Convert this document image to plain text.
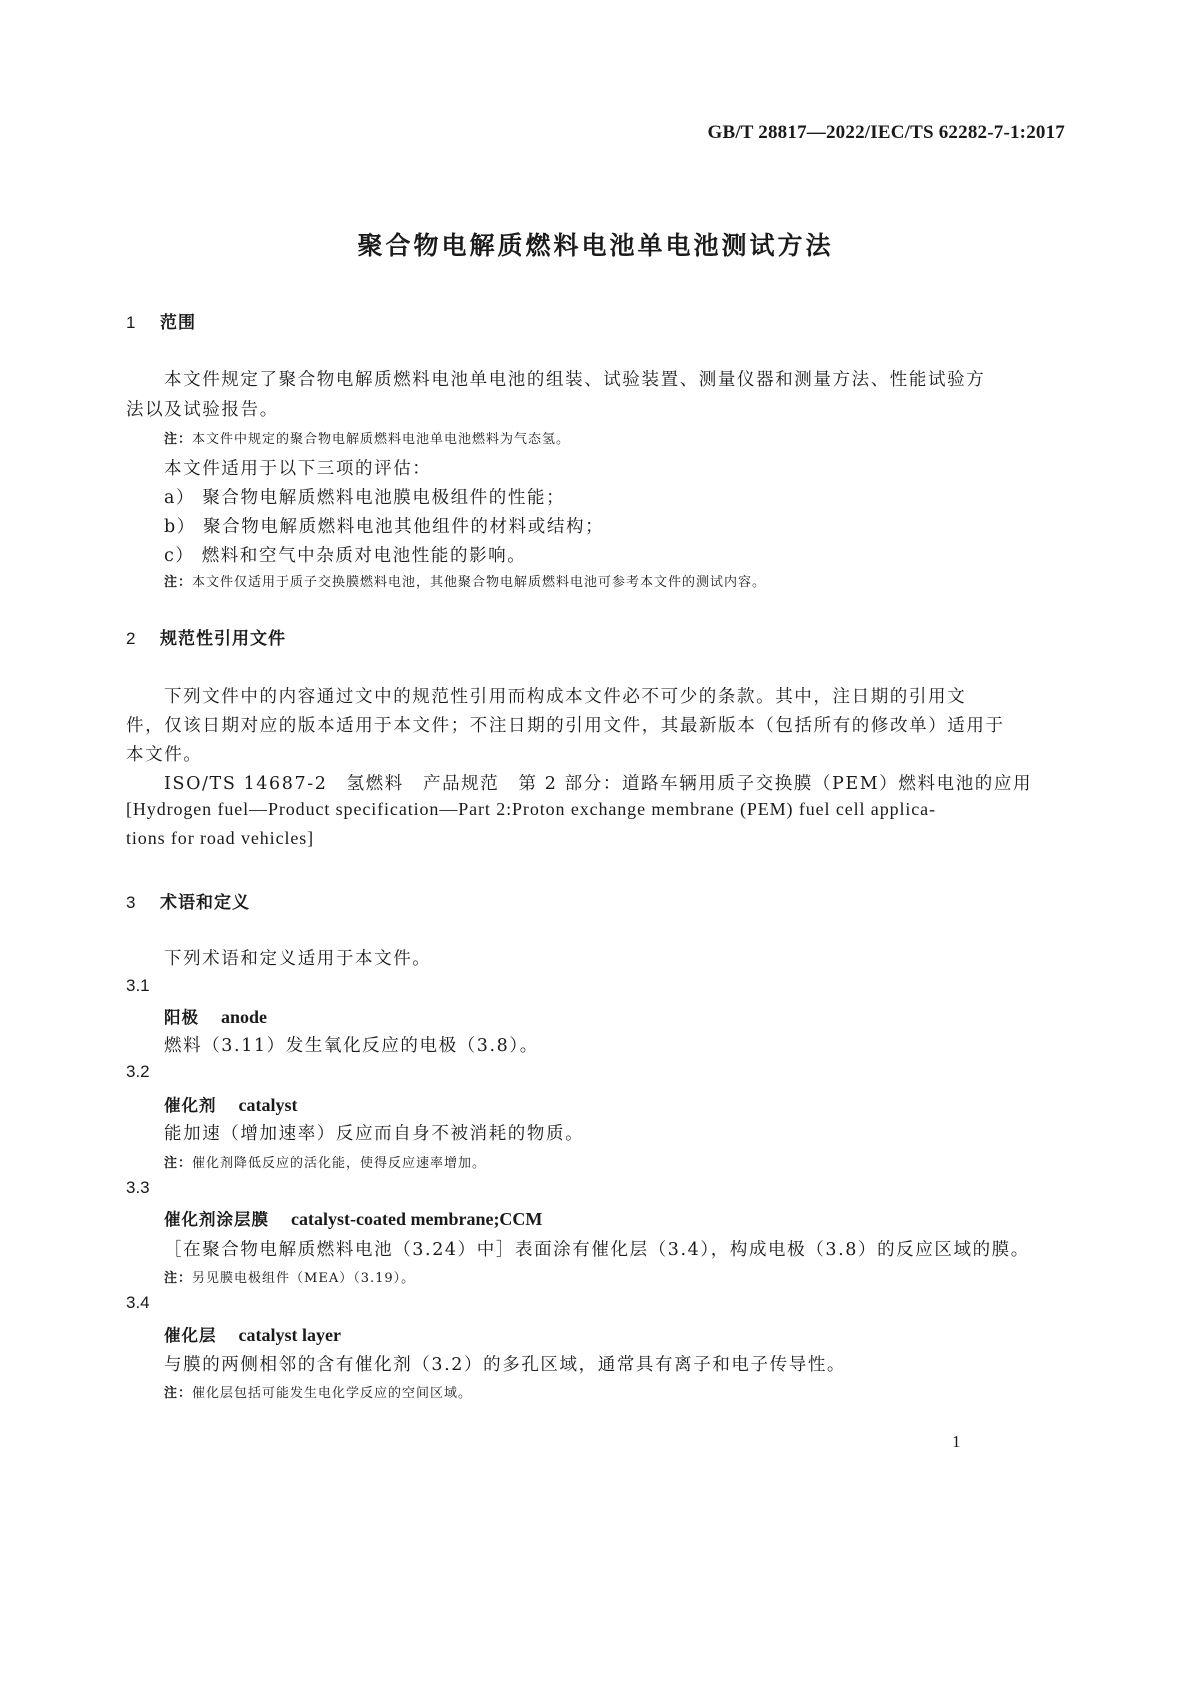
GB/T 28817—2022/IEC/TS 62282-7-1:2017
聚合物电解质燃料电池单电池测试方法
1 范围
本文件规定了聚合物电解质燃料电池单电池的组装、试验装置、测量仪器和测量方法、性能试验方
法以及试验报告。
注：本文件中规定的聚合物电解质燃料电池单电池燃料为气态氢。
本文件适用于以下三项的评估：
a） 聚合物电解质燃料电池膜电极组件的性能；
b） 聚合物电解质燃料电池其他组件的材料或结构；
c） 燃料和空气中杂质对电池性能的影响。
注：本文件仅适用于质子交换膜燃料电池，其他聚合物电解质燃料电池可参考本文件的测试内容。
2 规范性引用文件
下列文件中的内容通过文中的规范性引用而构成本文件必不可少的条款。其中，注日期的引用文
件，仅该日期对应的版本适用于本文件；不注日期的引用文件，其最新版本（包括所有的修改单）适用于
本文件。
ISO/TS 14687-2　氢燃料　产品规范　第 2 部分：道路车辆用质子交换膜（PEM）燃料电池的应用
[Hydrogen fuel—Product specification—Part 2:Proton exchange membrane (PEM) fuel cell applica-
tions for road vehicles]
3 术语和定义
下列术语和定义适用于本文件。
3.1
阳极 anode
燃料（3.11）发生氧化反应的电极（3.8）。
3.2
催化剂 catalyst
能加速（增加速率）反应而自身不被消耗的物质。
注：催化剂降低反应的活化能，使得反应速率增加。
3.3
催化剂涂层膜 catalyst-coated membrane;CCM
［在聚合物电解质燃料电池（3.24）中］表面涂有催化层（3.4），构成电极（3.8）的反应区域的膜。
注：另见膜电极组件（MEA）（3.19）。
3.4
催化层 catalyst layer
与膜的两侧相邻的含有催化剂（3.2）的多孔区域，通常具有离子和电子传导性。
注：催化层包括可能发生电化学反应的空间区域。
1
